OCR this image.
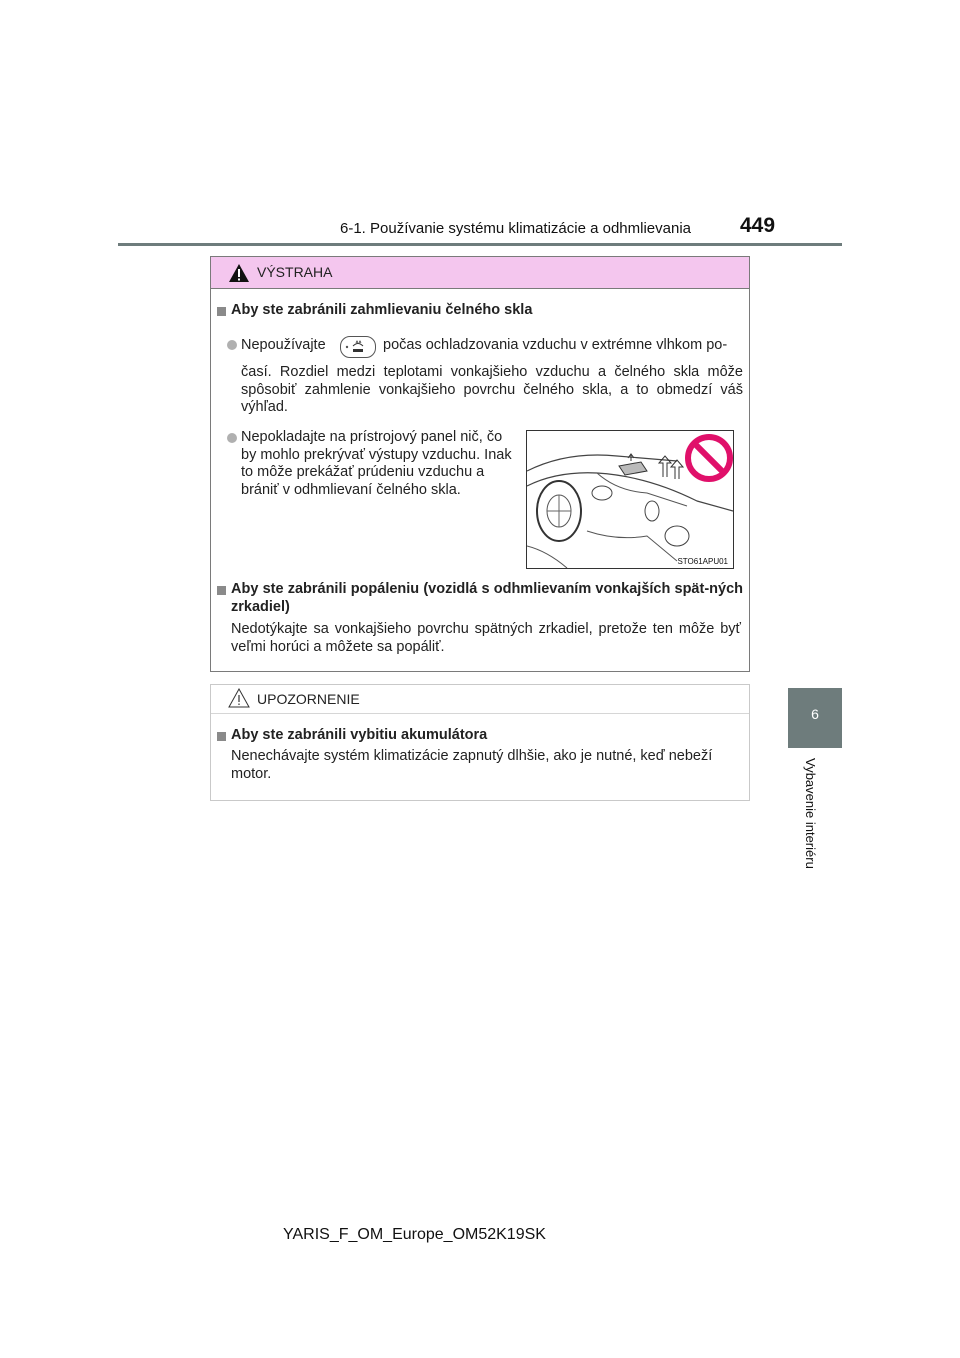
6-1. Používanie systému klimatizácie a odhmlievania 449
6
Vybavenie interiéru
VÝSTRAHA
Aby ste zabránili zahmlievaniu čelného skla
Nepoužívajte	počas ochladzovania vzduchu v extrémne vlhkom po-
časí. Rozdiel medzi teplotami vonkajšieho vzduchu a čelného skla môže spôsobiť zahmlenie vonkajšieho povrchu čelného skla, a to obmedzí váš výhľad.
Nepokladajte na prístrojový panel nič, čo by mohlo prekrývať výstupy vzduchu. Inak to môže prekážať prúdeniu vzduchu a brániť v odhmlievaní čelného skla.
Aby ste zabránili popáleniu (vozidlá s odhmlievaním vonkajších spät-ných zrkadiel)
Nedotýkajte sa vonkajšieho povrchu spätných zrkadiel, pretože ten môže byť veľmi horúci a môžete sa popáliť.
STO61APU01
UPOZORNENIE
Aby ste zabránili vybitiu akumulátora
Nenechávajte systém klimatizácie zapnutý dlhšie, ako je nutné, keď nebeží motor.
YARIS_F_OM_Europe_OM52K19SK
